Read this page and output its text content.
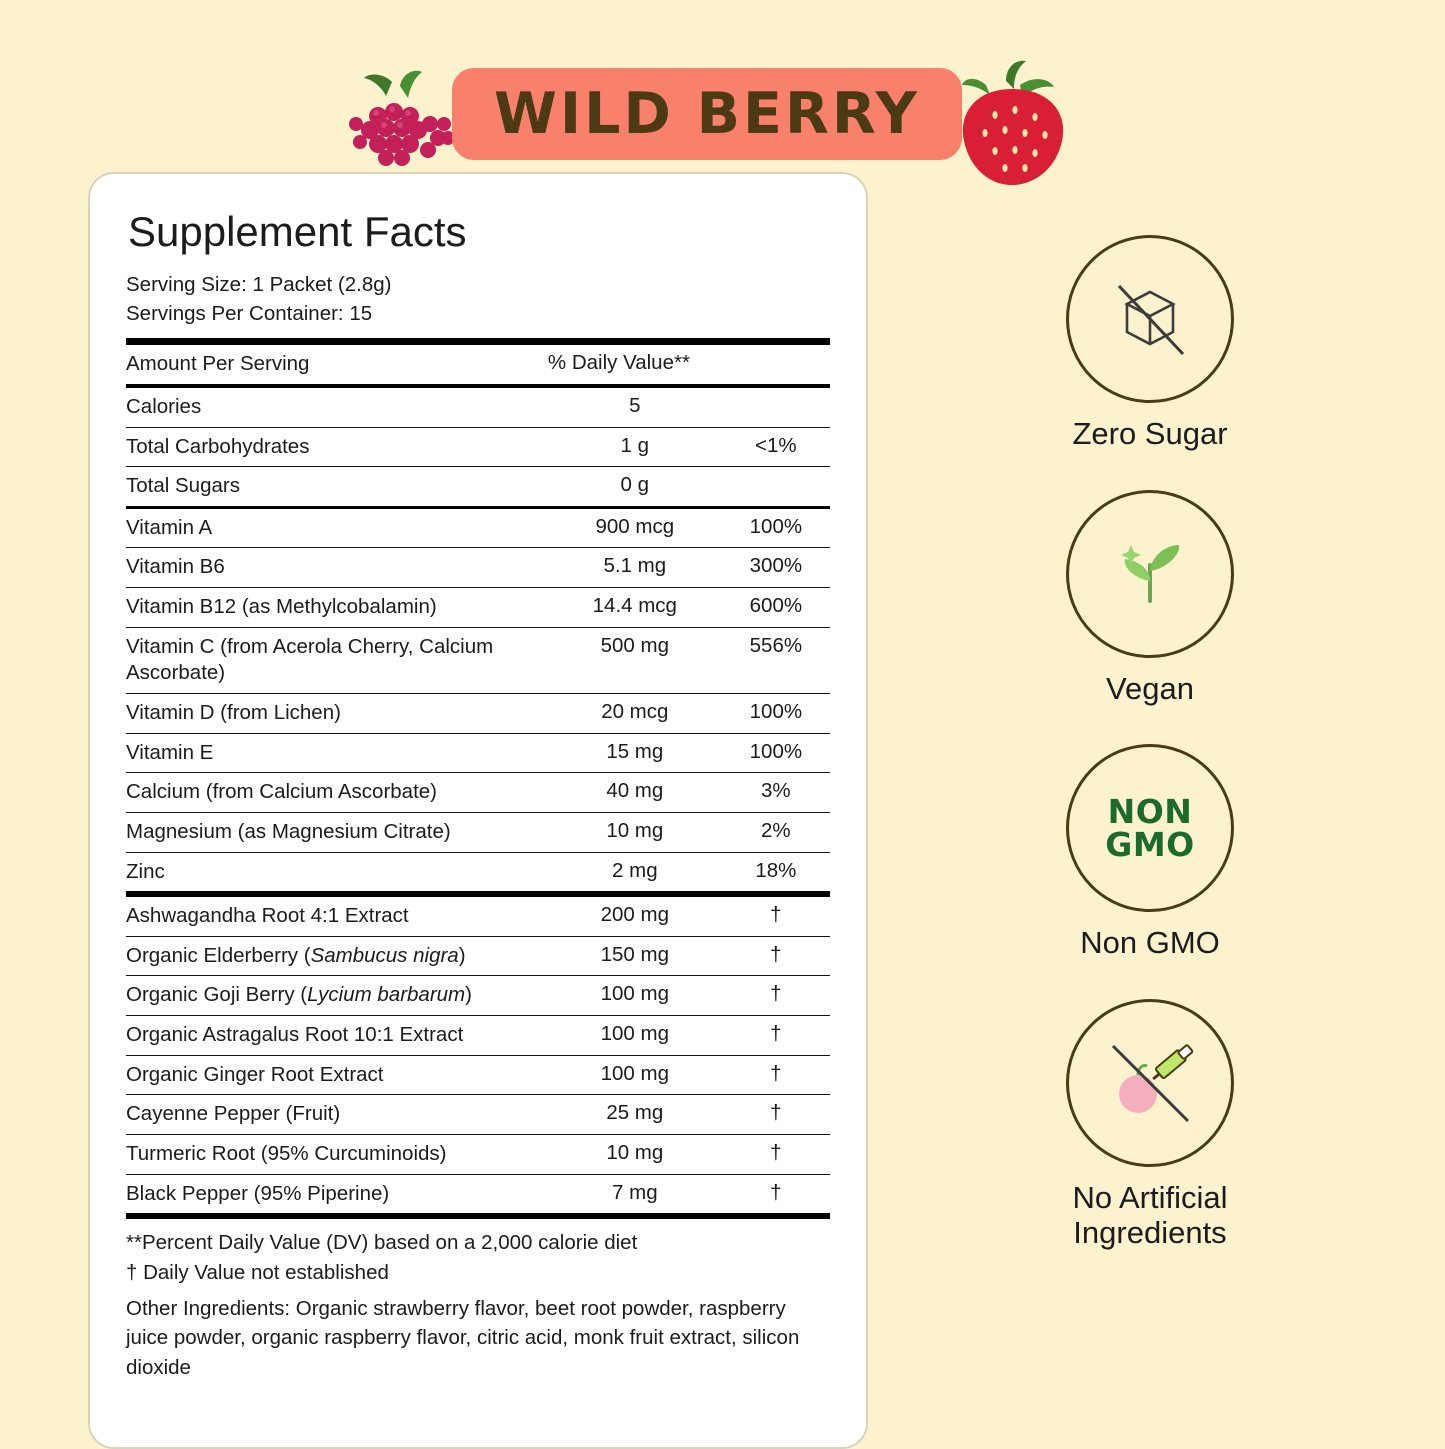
WILD BERRY
Supplement Facts
Serving Size: 1 Packet (2.8g)
Servings Per Container: 15
Amount Per Serving	% Daily Value**	
Calories	5	
Total Carbohydrates	1 g	<1%
Total Sugars	0 g	
Vitamin A	900 mcg	100%
Vitamin B6	5.1 mg	300%
Vitamin B12 (as Methylcobalamin)	14.4 mcg	600%
Vitamin C (from Acerola Cherry, Calcium Ascorbate)	500 mg	556%
Vitamin D (from Lichen)	20 mcg	100%
Vitamin E	15 mg	100%
Calcium (from Calcium Ascorbate)	40 mg	3%
Magnesium (as Magnesium Citrate)	10 mg	2%
Zinc	2 mg	18%
Ashwagandha Root 4:1 Extract	200 mg	†
Organic Elderberry (Sambucus nigra)	150 mg	†
Organic Goji Berry (Lycium barbarum)	100 mg	†
Organic Astragalus Root 10:1 Extract	100 mg	†
Organic Ginger Root Extract	100 mg	†
Cayenne Pepper (Fruit)	25 mg	†
Turmeric Root (95% Curcuminoids)	10 mg	†
Black Pepper (95% Piperine)	7 mg	†
**Percent Daily Value (DV) based on a 2,000 calorie diet
† Daily Value not established
Other Ingredients: Organic strawberry flavor, beet root powder, raspberry juice powder, organic raspberry flavor, citric acid, monk fruit extract, silicon dioxide
Zero Sugar
Vegan
NON
GMO
Non GMO
No Artificial Ingredients
